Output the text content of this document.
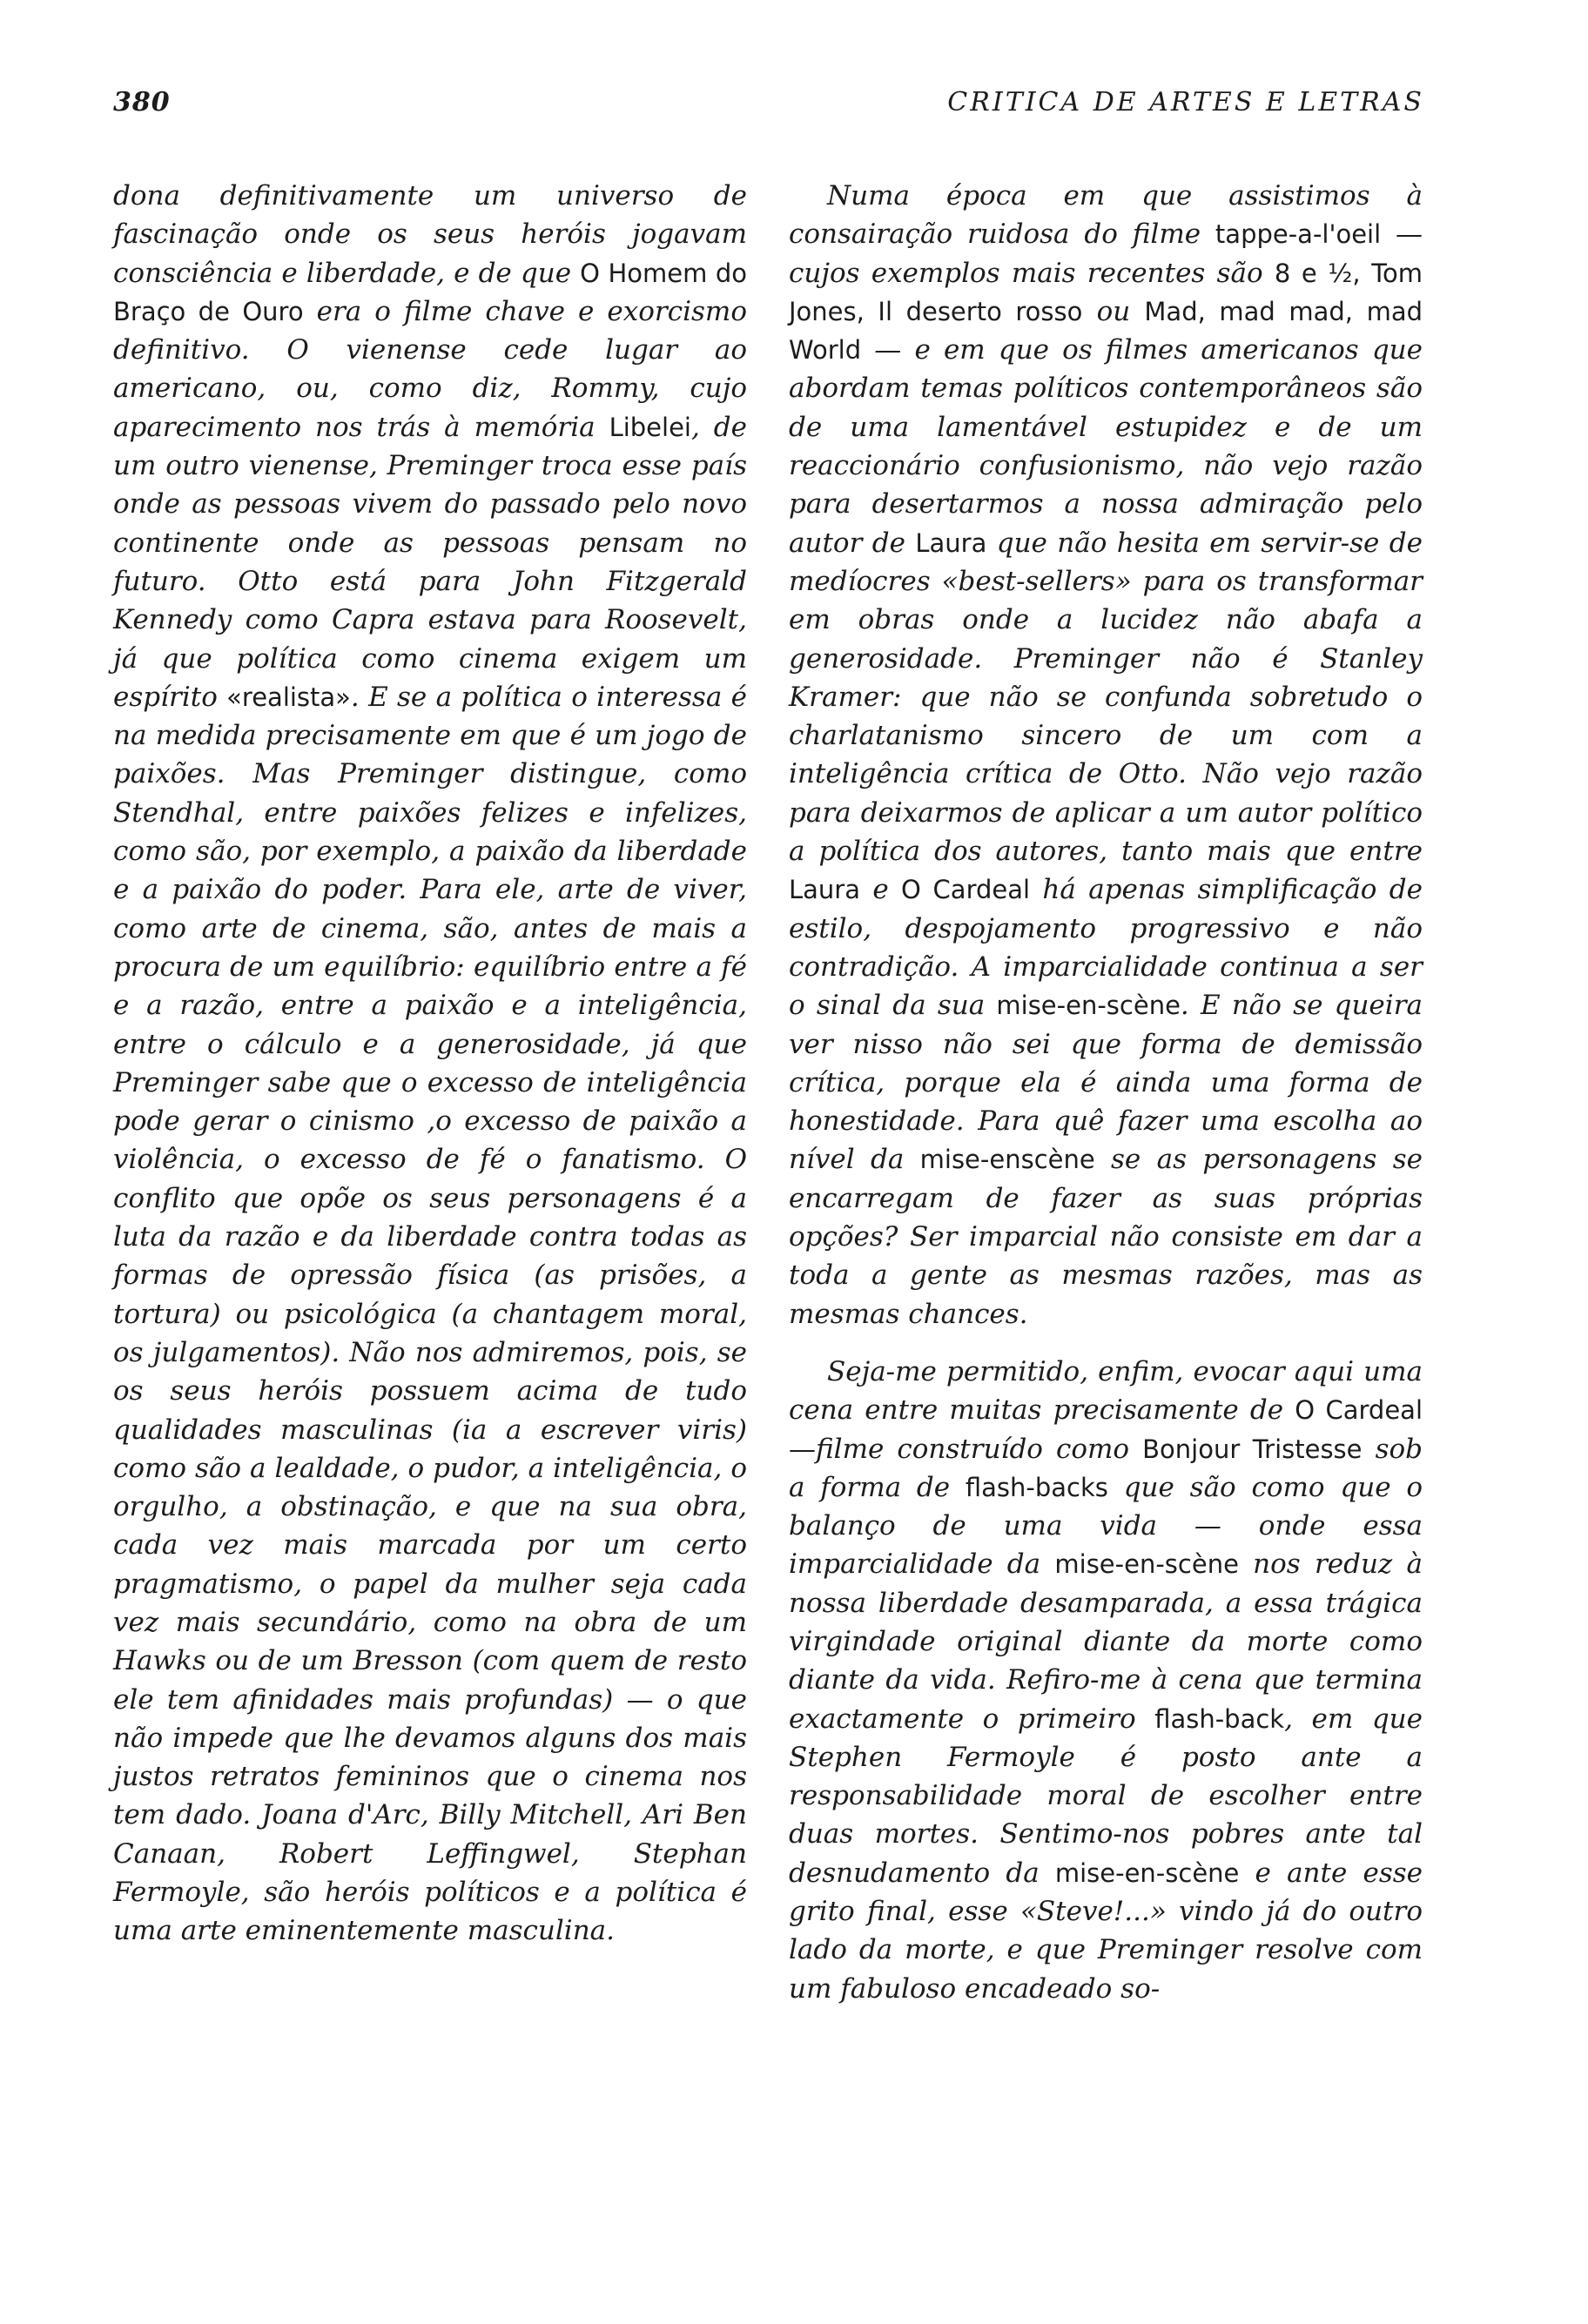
380	CRITICA DE ARTES E LETRAS

dona definitivamente um universo de fascinação onde os seus heróis jogavam consciência e liberdade, e de que O Homem do Braço de Ouro era o filme chave e exorcismo definitivo. O vienense cede lugar ao americano, ou, como diz, Rommy, cujo aparecimento nos trás à memória Libelei, de um outro vienense, Preminger troca esse país onde as pessoas vivem do passado pelo novo continente onde as pessoas pensam no futuro. Otto está para John Fitzgerald Kennedy como Capra estava para Roosevelt, já que política como cinema exigem um espírito «realista». E se a política o interessa é na medida precisamente em que é um jogo de paixões. Mas Preminger distingue, como Stendhal, entre paixões felizes e infelizes, como são, por exemplo, a paixão da liberdade e a paixão do poder. Para ele, arte de viver, como arte de cinema, são, antes de mais a procura de um equilíbrio: equilíbrio entre a fé e a razão, entre a paixão e a inteligência, entre o cálculo e a generosidade, já que Preminger sabe que o excesso de inteligência pode gerar o cinismo ,o excesso de paixão a violência, o excesso de fé o fanatismo. O conflito que opõe os seus personagens é a luta da razão e da liberdade contra todas as formas de opressão física (as prisões, a tortura) ou psicológica (a chantagem moral, os julgamentos). Não nos admiremos, pois, se os seus heróis possuem acima de tudo qualidades masculinas (ia a escrever viris) como são a lealdade, o pudor, a inteligência, o orgulho, a obstinação, e que na sua obra, cada vez mais marcada por um certo pragmatismo, o papel da mulher seja cada vez mais secundário, como na obra de um Hawks ou de um Bresson (com quem de resto ele tem afinidades mais profundas) — o que não impede que lhe devamos alguns dos mais justos retratos femininos que o cinema nos tem dado. Joana d'Arc, Billy Mitchell, Ari Ben Canaan, Robert Leffingwel, Stephan Fermoyle, são heróis políticos e a política é uma arte eminentemente masculina.

Numa época em que assistimos à consairação ruidosa do filme tappe-a-l'oeil — cujos exemplos mais recentes são 8 e ½, Tom Jones, Il deserto rosso ou Mad, mad mad, mad World — e em que os filmes americanos que abordam temas políticos contemporâneos são de uma lamentável estupidez e de um reaccionário confusionismo, não vejo razão para desertarmos a nossa admiração pelo autor de Laura que não hesita em servir-se de medíocres «best-sellers» para os transformar em obras onde a lucidez não abafa a generosidade. Preminger não é Stanley Kramer: que não se confunda sobretudo o charlatanismo sincero de um com a inteligência crítica de Otto. Não vejo razão para deixarmos de aplicar a um autor político a política dos autores, tanto mais que entre Laura e O Cardeal há apenas simplificação de estilo, despojamento progressivo e não contradição. A imparcialidade continua a ser o sinal da sua mise-en-scène. E não se queira ver nisso não sei que forma de demissão crítica, porque ela é ainda uma forma de honestidade. Para quê fazer uma escolha ao nível da mise-enscène se as personagens se encarregam de fazer as suas próprias opções? Ser imparcial não consiste em dar a toda a gente as mesmas razões, mas as mesmas chances.

Seja-me permitido, enfim, evocar aqui uma cena entre muitas precisamente de O Cardeal —filme construído como Bonjour Tristesse sob a forma de flash-backs que são como que o balanço de uma vida — onde essa imparcialidade da mise-en-scène nos reduz à nossa liberdade desamparada, a essa trágica virgindade original diante da morte como diante da vida. Refiro-me à cena que termina exactamente o primeiro flash-back, em que Stephen Fermoyle é posto ante a responsabilidade moral de escolher entre duas mortes. Sentimo-nos pobres ante tal desnudamento da mise-en-scène e ante esse grito final, esse «Steve!...» vindo já do outro lado da morte, e que Preminger resolve com um fabuloso encadeado so-
